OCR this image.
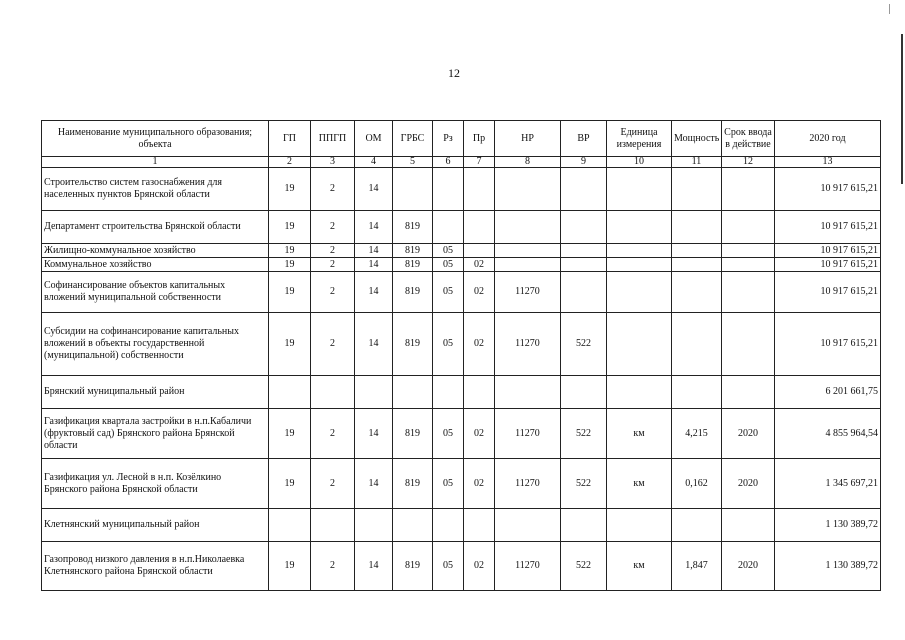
12
Наименование муниципального образования; объекта	ГП	ППГП	ОМ	ГРБС	Рз	Пр	НР	ВР	Единица измерения	Мощность	Срок ввода в действие	2020 год
1	2	3	4	5	6	7	8	9	10	11	12	13
Строительство систем газоснабжения для населенных пунктов Брянской области	19	2	14									10 917 615,21
Департамент строительства Брянской области	19	2	14	819								10 917 615,21
Жилищно-коммунальное хозяйство	19	2	14	819	05							10 917 615,21
Коммунальное хозяйство	19	2	14	819	05	02						10 917 615,21
Софинансирование объектов капитальных вложений муниципальной собственности	19	2	14	819	05	02	11270					10 917 615,21
Субсидии на софинансирование капитальных вложений в объекты государственной (муниципальной) собственности	19	2	14	819	05	02	11270	522				10 917 615,21
Брянский муниципальный район												6 201 661,75
Газификация квартала застройки в н.п.Кабаличи (фруктовый сад) Брянского района Брянской области	19	2	14	819	05	02	11270	522	км	4,215	2020	4 855 964,54
Газификация ул. Лесной в н.п. Козёлкино Брянского района Брянской области	19	2	14	819	05	02	11270	522	км	0,162	2020	1 345 697,21
Клетнянский муниципальный район												1 130 389,72
Газопровод низкого давления в н.п.Николаевка Клетнянского района Брянской области	19	2	14	819	05	02	11270	522	км	1,847	2020	1 130 389,72
